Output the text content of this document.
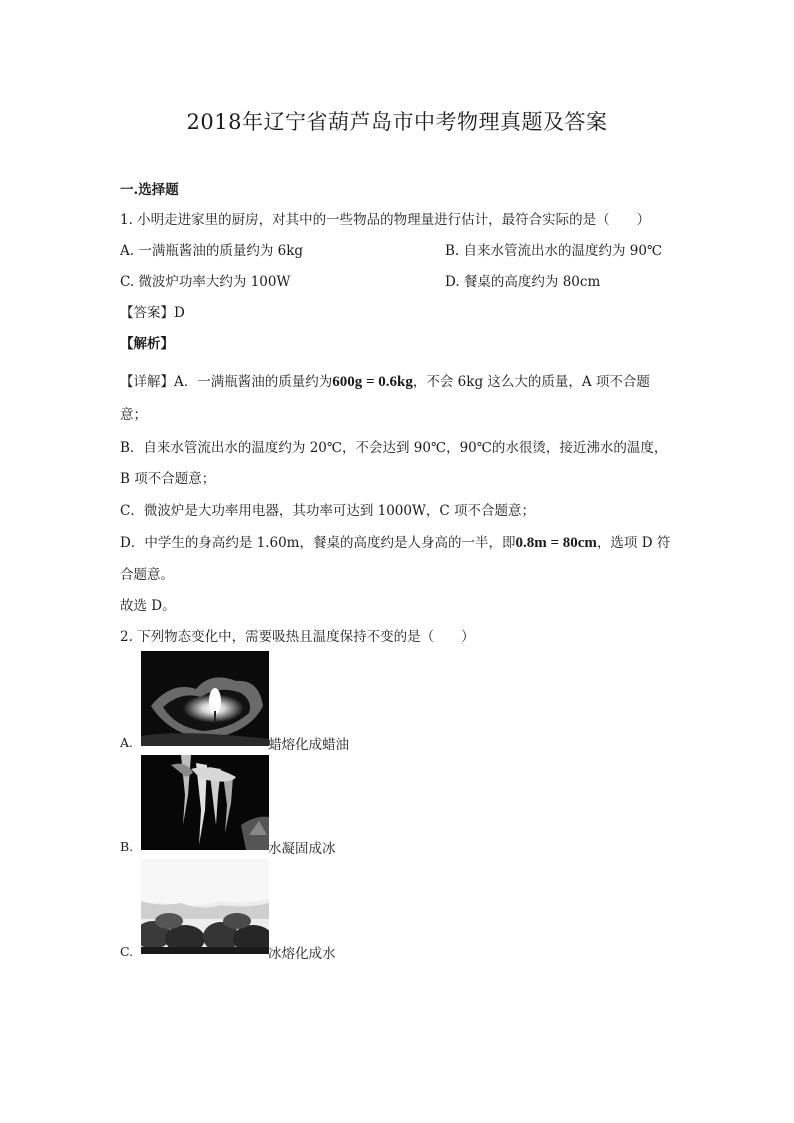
2018年辽宁省葫芦岛市中考物理真题及答案
一.选择题
1. 小明走进家里的厨房，对其中的一些物品的物理量进行估计，最符合实际的是（　　）
A. 一满瓶酱油的质量约为 6kg	B. 自来水管流出水的温度约为 90℃
C. 微波炉功率大约为 100W	D. 餐桌的高度约为 80cm
【答案】D
【解析】
【详解】A．一满瓶酱油的质量约为600g = 0.6kg，不会 6kg 这么大的质量，A 项不合题
意；
B．自来水管流出水的温度约为 20℃，不会达到 90℃，90℃的水很烫，接近沸水的温度，
B 项不合题意；
C．微波炉是大功率用电器，其功率可达到 1000W，C 项不合题意；
D．中学生的身高约是 1.60m，餐桌的高度约是人身高的一半，即0.8m = 80cm，选项 D 符
合题意。
故选 D。
2. 下列物态变化中，需要吸热且温度保持不变的是（　　）
A.	蜡熔化成蜡油
B.	水凝固成冰
C.	冰熔化成水
